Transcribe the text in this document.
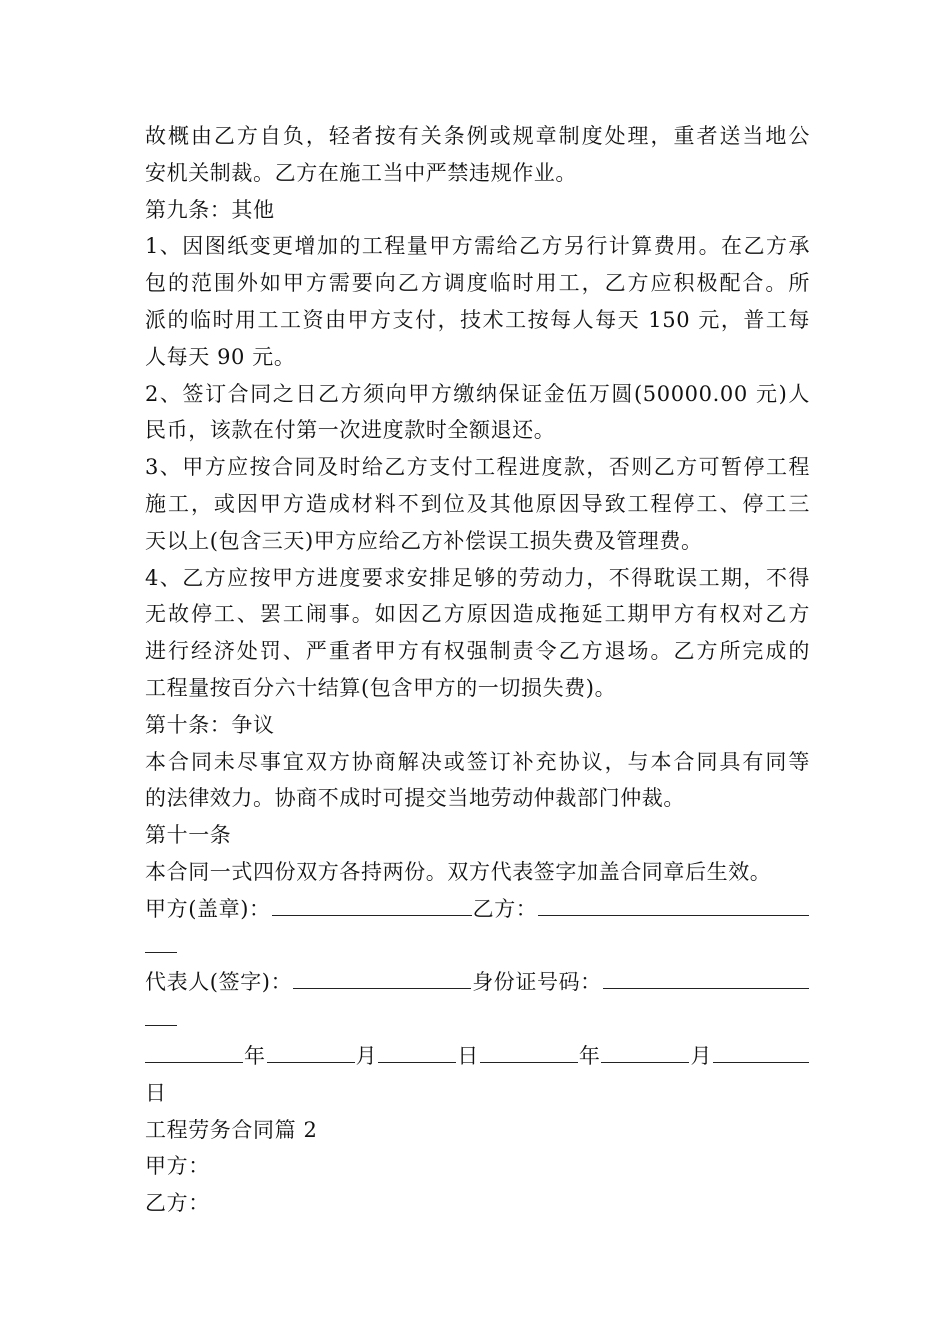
故概由乙方自负，轻者按有关条例或规章制度处理，重者送当地公
安机关制裁。乙方在施工当中严禁违规作业。
第九条：其他
1、因图纸变更增加的工程量甲方需给乙方另行计算费用。在乙方承
包的范围外如甲方需要向乙方调度临时用工，乙方应积极配合。所
派的临时用工工资由甲方支付，技术工按每人每天 150 元，普工每
人每天 90 元。
2、签订合同之日乙方须向甲方缴纳保证金伍万圆(50000.00 元)人
民币，该款在付第一次进度款时全额退还。
3、甲方应按合同及时给乙方支付工程进度款，否则乙方可暂停工程
施工，或因甲方造成材料不到位及其他原因导致工程停工、停工三
天以上(包含三天)甲方应给乙方补偿误工损失费及管理费。
4、乙方应按甲方进度要求安排足够的劳动力，不得耽误工期，不得
无故停工、罢工闹事。如因乙方原因造成拖延工期甲方有权对乙方
进行经济处罚、严重者甲方有权强制责令乙方退场。乙方所完成的
工程量按百分六十结算(包含甲方的一切损失费)。
第十条：争议
本合同未尽事宜双方协商解决或签订补充协议，与本合同具有同等
的法律效力。协商不成时可提交当地劳动仲裁部门仲裁。
第十一条
本合同一式四份双方各持两份。双方代表签字加盖合同章后生效。
甲方(盖章)：	乙方：
代表人(签字)：	身份证号码：
年	月	日	年	月
日
工程劳务合同篇 2
甲方：
乙方：
